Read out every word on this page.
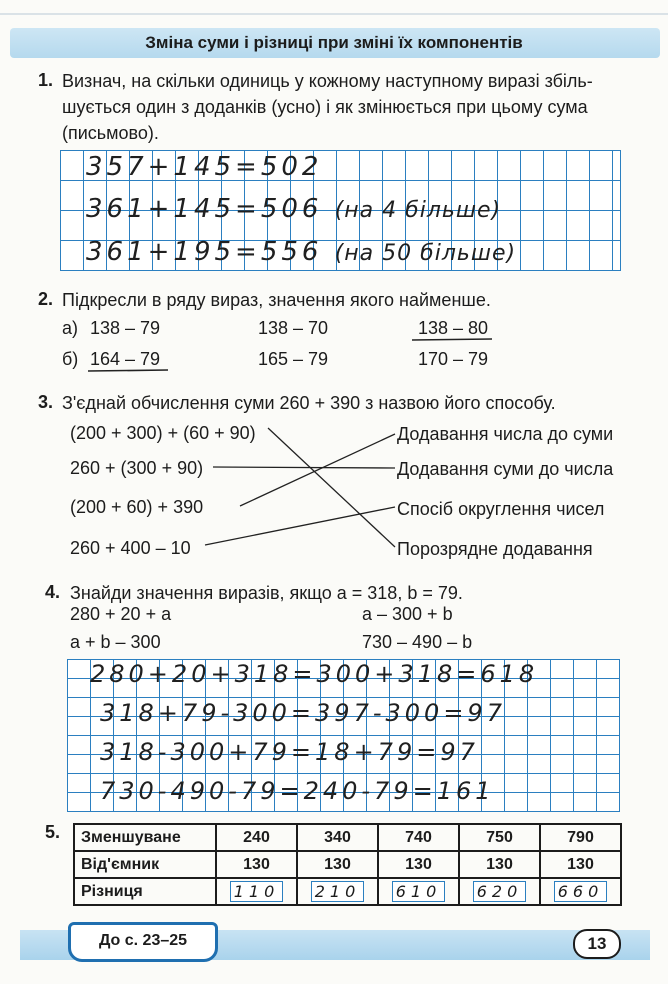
Зміна суми і різниці при зміні їх компонентів
1. Визнач, на скільки одиниць у кожному наступному виразі збіль-
шується один з доданків (усно) і як змінюється при цьому сума
(письмово).
357+145=502
361+145=506 (на 4 більше)
361+195=556 (на 50 більше)
2. Підкресли в ряду вираз, значення якого найменше.
а) 138 – 79	138 – 70	138 – 80
б) 164 – 79	165 – 79	170 – 79
3. З'єднай обчислення суми 260 + 390 з назвою його способу.
(200 + 300) + (60 + 90)
260 + (300 + 90)
(200 + 60) + 390
260 + 400 – 10
Додавання числа до суми
Додавання суми до числа
Спосіб округлення чисел
Порозрядне додавання
4. Знайди значення виразів, якщо a = 318, b = 79.
280 + 20 + a	a – 300 + b
a + b – 300	730 – 490 – b
280+20+318=300+318=618
318+79-300=397-300=97
318-300+79=18+79=97
730-490-79=240-79=161
5. Зменшуване	240	340	740	750	790
Від'ємник	130	130	130	130	130
Різниця	110	210	610	620	660
До с. 23–25	13
